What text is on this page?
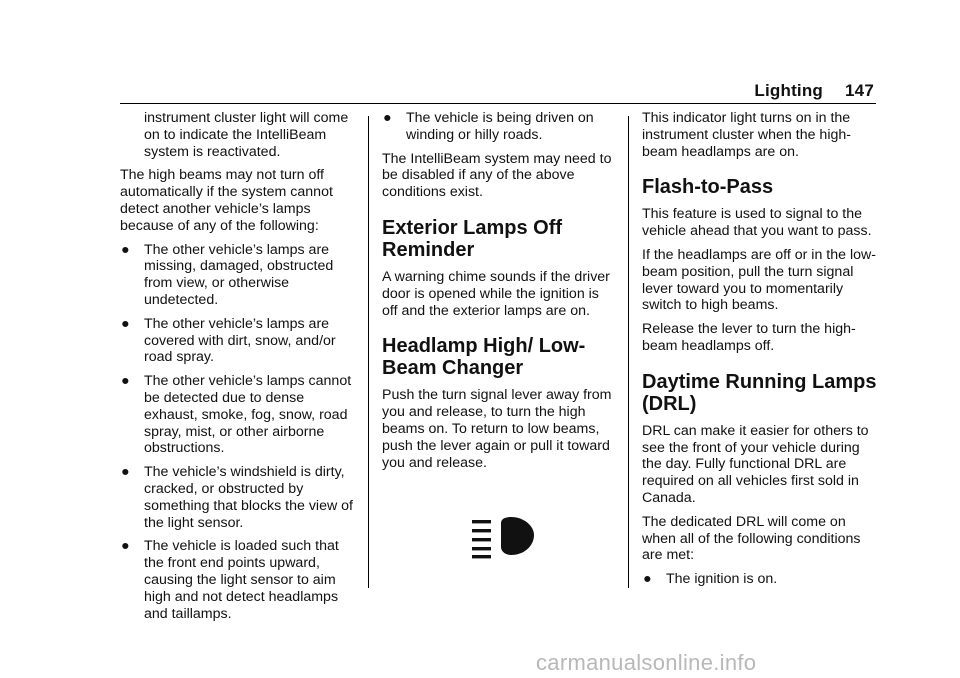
Lighting 147
instrument cluster light will come on to indicate the IntelliBeam system is reactivated.

The high beams may not turn off automatically if the system cannot detect another vehicle’s lamps because of any of the following:

● The other vehicle’s lamps are missing, damaged, obstructed from view, or otherwise undetected.
● The other vehicle’s lamps are covered with dirt, snow, and/or road spray.
● The other vehicle’s lamps cannot be detected due to dense exhaust, smoke, fog, snow, road spray, mist, or other airborne obstructions.
● The vehicle’s windshield is dirty, cracked, or obstructed by something that blocks the view of the light sensor.
● The vehicle is loaded such that the front end points upward, causing the light sensor to aim high and not detect headlamps and taillamps.
● The vehicle is being driven on winding or hilly roads.

The IntelliBeam system may need to be disabled if any of the above conditions exist.

Exterior Lamps Off Reminder

A warning chime sounds if the driver door is opened while the ignition is off and the exterior lamps are on.

Headlamp High/ Low-Beam Changer

Push the turn signal lever away from you and release, to turn the high beams on. To return to low beams, push the lever again or pull it toward you and release.

This indicator light turns on in the instrument cluster when the high-beam headlamps are on.

Flash-to-Pass

This feature is used to signal to the vehicle ahead that you want to pass.

If the headlamps are off or in the low-beam position, pull the turn signal lever toward you to momentarily switch to high beams.

Release the lever to turn the high-beam headlamps off.

Daytime Running Lamps (DRL)

DRL can make it easier for others to see the front of your vehicle during the day. Fully functional DRL are required on all vehicles first sold in Canada.

The dedicated DRL will come on when all of the following conditions are met:

● The ignition is on.
carmanualsonline.info
